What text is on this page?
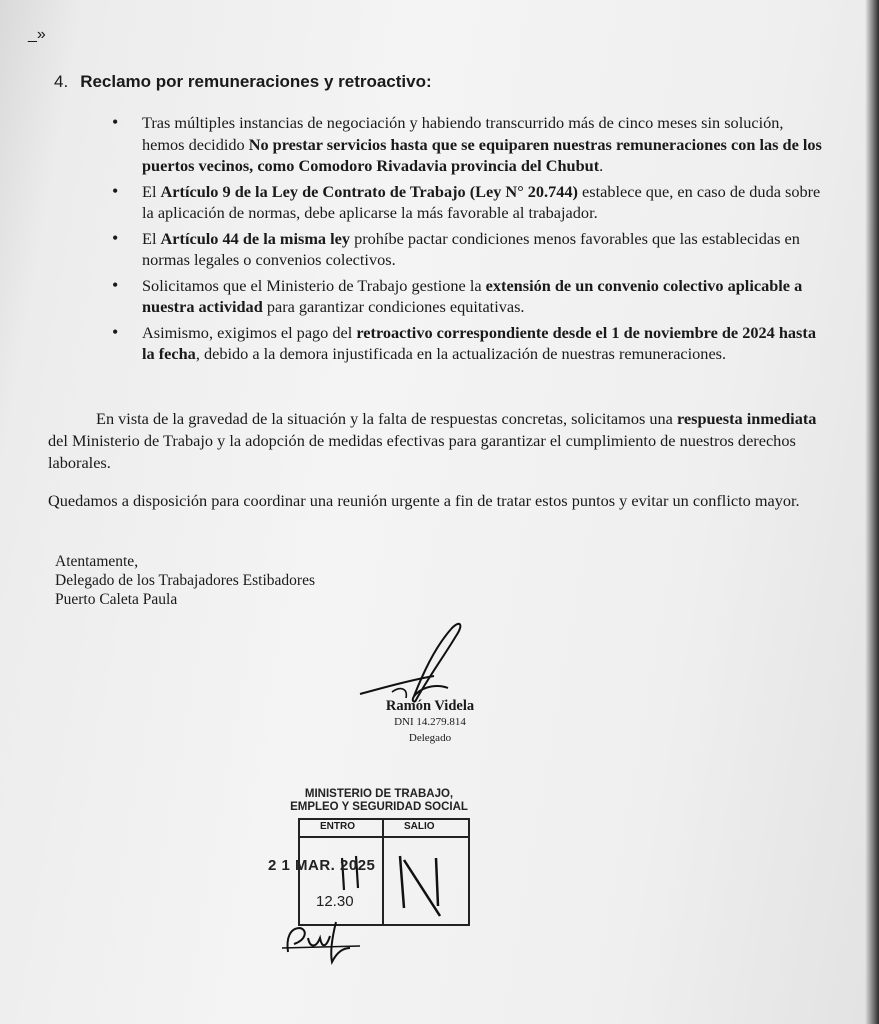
_»
4. Reclamo por remuneraciones y retroactivo:
• Tras múltiples instancias de negociación y habiendo transcurrido más de cinco meses sin solución, hemos decidido No prestar servicios hasta que se equiparen nuestras remuneraciones con las de los puertos vecinos, como Comodoro Rivadavia provincia del Chubut.
• El Artículo 9 de la Ley de Contrato de Trabajo (Ley N° 20.744) establece que, en caso de duda sobre la aplicación de normas, debe aplicarse la más favorable al trabajador.
• El Artículo 44 de la misma ley prohíbe pactar condiciones menos favorables que las establecidas en normas legales o convenios colectivos.
• Solicitamos que el Ministerio de Trabajo gestione la extensión de un convenio colectivo aplicable a nuestra actividad para garantizar condiciones equitativas.
• Asimismo, exigimos el pago del retroactivo correspondiente desde el 1 de noviembre de 2024 hasta la fecha, debido a la demora injustificada en la actualización de nuestras remuneraciones.
En vista de la gravedad de la situación y la falta de respuestas concretas, solicitamos una respuesta inmediata del Ministerio de Trabajo y la adopción de medidas efectivas para garantizar el cumplimiento de nuestros derechos laborales.
Quedamos a disposición para coordinar una reunión urgente a fin de tratar estos puntos y evitar un conflicto mayor.
Atentamente,
Delegado de los Trabajadores Estibadores
Puerto Caleta Paula
Ramón Videla
DNI 14.279.814
Delegado
MINISTERIO DE TRABAJO,
EMPLEO Y SEGURIDAD SOCIAL
ENTRO	SALIO
2 1 MAR. 2025
12.30
